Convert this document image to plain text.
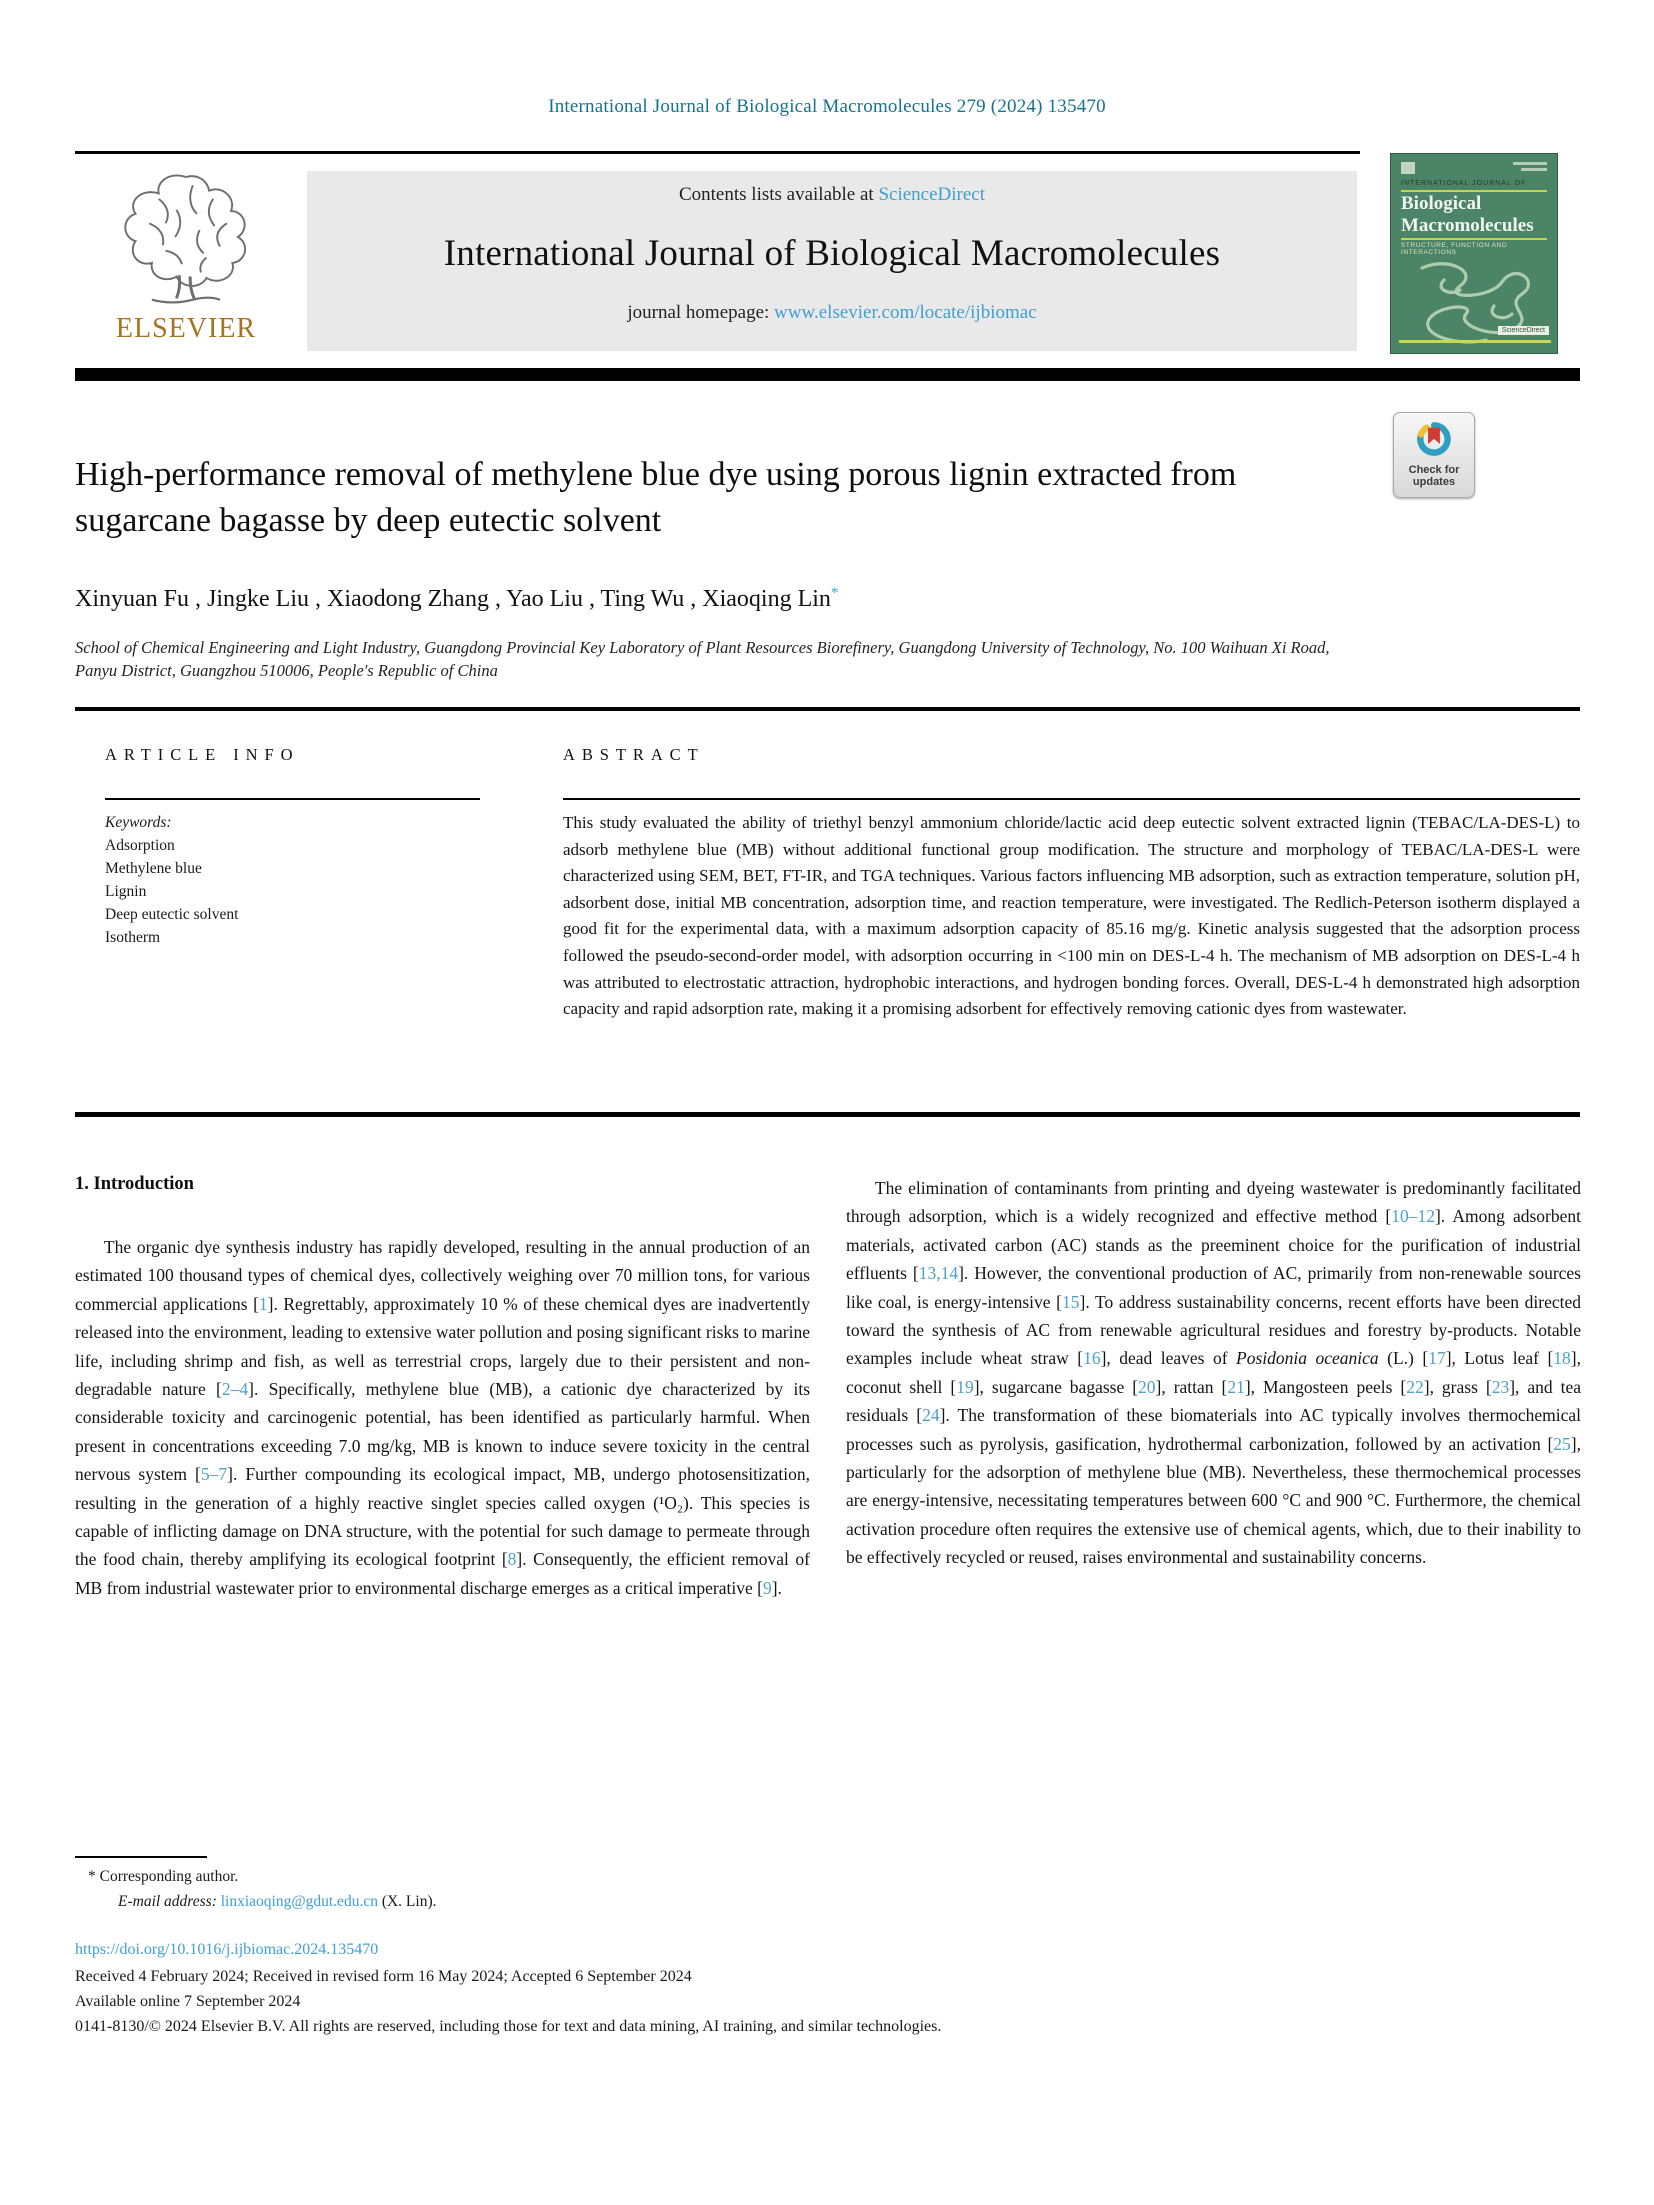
International Journal of Biological Macromolecules 279 (2024) 135470
ELSEVIER
Contents lists available at ScienceDirect
International Journal of Biological Macromolecules
journal homepage: www.elsevier.com/locate/ijbiomac
INTERNATIONAL JOURNAL OF
Biological
Macromolecules
STRUCTURE, FUNCTION AND INTERACTIONS
ScienceDirect
Check for
updates
High-performance removal of methylene blue dye using porous lignin extracted from sugarcane bagasse by deep eutectic solvent
Xinyuan Fu , Jingke Liu , Xiaodong Zhang , Yao Liu , Ting Wu , Xiaoqing Lin*
School of Chemical Engineering and Light Industry, Guangdong Provincial Key Laboratory of Plant Resources Biorefinery, Guangdong University of Technology, No. 100 Waihuan Xi Road, Panyu District, Guangzhou 510006, People's Republic of China
ARTICLE INFO
Keywords:
Adsorption
Methylene blue
Lignin
Deep eutectic solvent
Isotherm
ABSTRACT
This study evaluated the ability of triethyl benzyl ammonium chloride/lactic acid deep eutectic solvent extracted lignin (TEBAC/LA-DES-L) to adsorb methylene blue (MB) without additional functional group modification. The structure and morphology of TEBAC/LA-DES-L were characterized using SEM, BET, FT-IR, and TGA techniques. Various factors influencing MB adsorption, such as extraction temperature, solution pH, adsorbent dose, initial MB concentration, adsorption time, and reaction temperature, were investigated. The Redlich-Peterson isotherm displayed a good fit for the experimental data, with a maximum adsorption capacity of 85.16 mg/g. Kinetic analysis suggested that the adsorption process followed the pseudo-second-order model, with adsorption occurring in <100 min on DES-L-4 h. The mechanism of MB adsorption on DES-L-4 h was attributed to electrostatic attraction, hydrophobic interactions, and hydrogen bonding forces. Overall, DES-L-4 h demonstrated high adsorption capacity and rapid adsorption rate, making it a promising adsorbent for effectively removing cationic dyes from wastewater.
1. Introduction

The organic dye synthesis industry has rapidly developed, resulting in the annual production of an estimated 100 thousand types of chemical dyes, collectively weighing over 70 million tons, for various commercial applications [1]. Regrettably, approximately 10 % of these chemical dyes are inadvertently released into the environment, leading to extensive water pollution and posing significant risks to marine life, including shrimp and fish, as well as terrestrial crops, largely due to their persistent and non-degradable nature [2–4]. Specifically, methylene blue (MB), a cationic dye characterized by its considerable toxicity and carcinogenic potential, has been identified as particularly harmful. When present in concentrations exceeding 7.0 mg/kg, MB is known to induce severe toxicity in the central nervous system [5–7]. Further compounding its ecological impact, MB, undergo photosensitization, resulting in the generation of a highly reactive singlet species called oxygen (¹O₂). This species is capable of inflicting damage on DNA structure, with the potential for such damage to permeate through the food chain, thereby amplifying its ecological footprint [8]. Consequently, the efficient removal of MB from industrial wastewater prior to environmental discharge emerges as a critical imperative [9].

The elimination of contaminants from printing and dyeing wastewater is predominantly facilitated through adsorption, which is a widely recognized and effective method [10–12]. Among adsorbent materials, activated carbon (AC) stands as the preeminent choice for the purification of industrial effluents [13,14]. However, the conventional production of AC, primarily from non-renewable sources like coal, is energy-intensive [15]. To address sustainability concerns, recent efforts have been directed toward the synthesis of AC from renewable agricultural residues and forestry by-products. Notable examples include wheat straw [16], dead leaves of Posidonia oceanica (L.) [17], Lotus leaf [18], coconut shell [19], sugarcane bagasse [20], rattan [21], Mangosteen peels [22], grass [23], and tea residuals [24]. The transformation of these biomaterials into AC typically involves thermochemical processes such as pyrolysis, gasification, hydrothermal carbonization, followed by an activation [25], particularly for the adsorption of methylene blue (MB). Nevertheless, these thermochemical processes are energy-intensive, necessitating temperatures between 600 °C and 900 °C. Furthermore, the chemical activation procedure often requires the extensive use of chemical agents, which, due to their inability to be effectively recycled or reused, raises environmental and sustainability concerns.

* Corresponding author.
E-mail address: linxiaoqing@gdut.edu.cn (X. Lin).
https://doi.org/10.1016/j.ijbiomac.2024.135470
Received 4 February 2024; Received in revised form 16 May 2024; Accepted 6 September 2024
Available online 7 September 2024
0141-8130/© 2024 Elsevier B.V. All rights are reserved, including those for text and data mining, AI training, and similar technologies.
